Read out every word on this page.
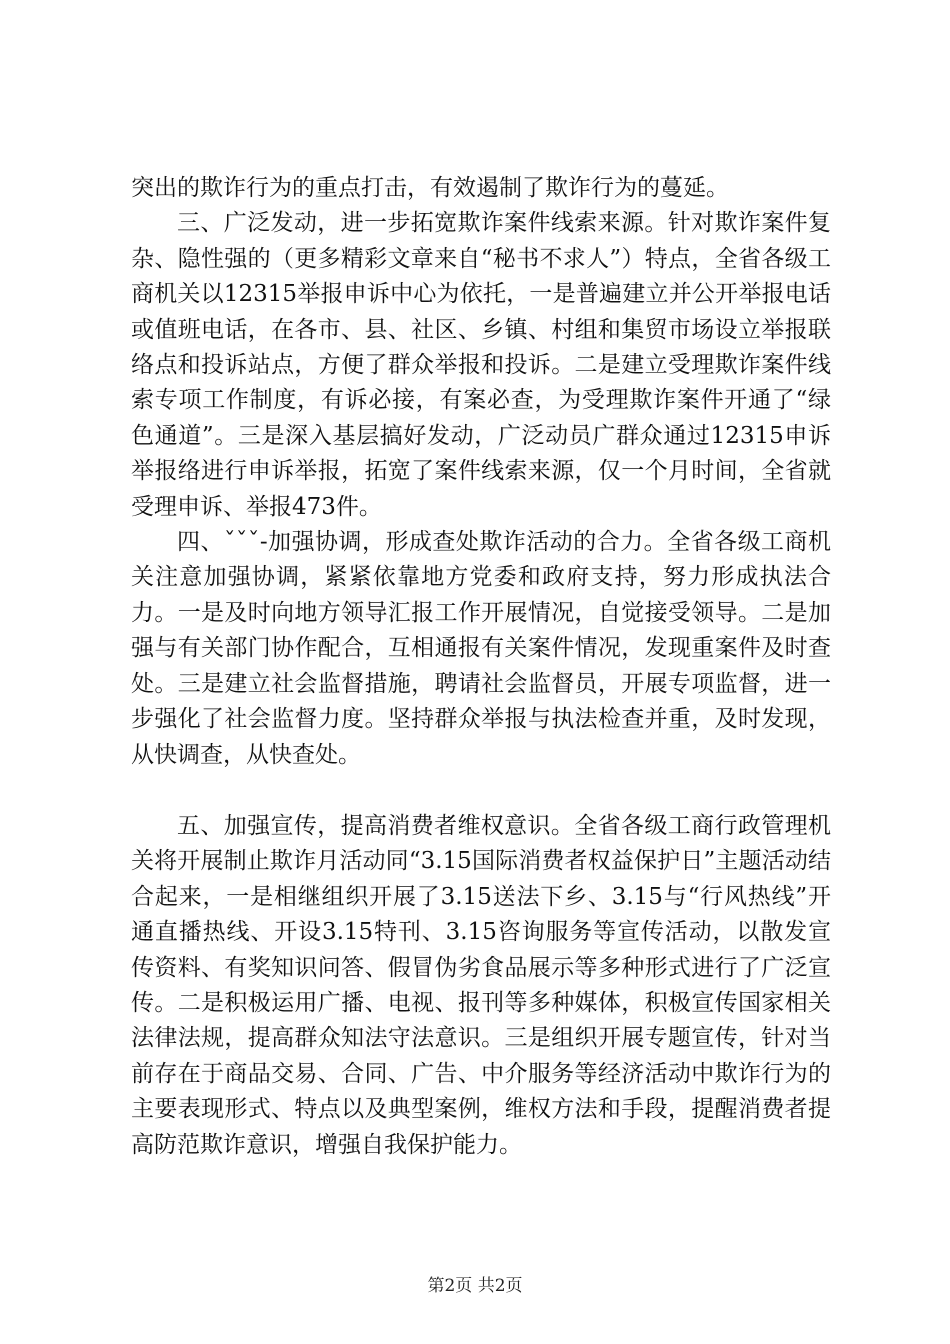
突出的欺诈行为的重点打击，有效遏制了欺诈行为的蔓延。

三、广泛发动，进一步拓宽欺诈案件线索来源。针对欺诈案件复杂、隐性强的（更多精彩文章来自“秘书不求人”）特点，全省各级工商机关以12315举报申诉中心为依托，一是普遍建立并公开举报电话或值班电话，在各市、县、社区、乡镇、村组和集贸市场设立举报联络点和投诉站点，方便了群众举报和投诉。二是建立受理欺诈案件线索专项工作制度，有诉必接，有案必查，为受理欺诈案件开通了“绿色通道”。三是深入基层搞好发动，广泛动员广群众通过12315申诉举报络进行申诉举报，拓宽了案件线索来源，仅一个月时间，全省就受理申诉、举报473件。

四、ˇˇˇ-加强协调，形成查处欺诈活动的合力。全省各级工商机关注意加强协调，紧紧依靠地方党委和政府支持，努力形成执法合力。一是及时向地方领导汇报工作开展情况，自觉接受领导。二是加强与有关部门协作配合，互相通报有关案件情况，发现重案件及时查处。三是建立社会监督措施，聘请社会监督员，开展专项监督，进一步强化了社会监督力度。坚持群众举报与执法检查并重，及时发现，从快调查，从快查处。

五、加强宣传，提高消费者维权意识。全省各级工商行政管理机关将开展制止欺诈月活动同“3.15国际消费者权益保护日”主题活动结合起来，一是相继组织开展了3.15送法下乡、3.15与“行风热线”开通直播热线、开设3.15特刊、3.15咨询服务等宣传活动，以散发宣传资料、有奖知识问答、假冒伪劣食品展示等多种形式进行了广泛宣传。二是积极运用广播、电视、报刊等多种媒体，积极宣传国家相关法律法规，提高群众知法守法意识。三是组织开展专题宣传，针对当前存在于商品交易、合同、广告、中介服务等经济活动中欺诈行为的主要表现形式、特点以及典型案例，维权方法和手段，提醒消费者提高防范欺诈意识，增强自我保护能力。

第2页 共2页
